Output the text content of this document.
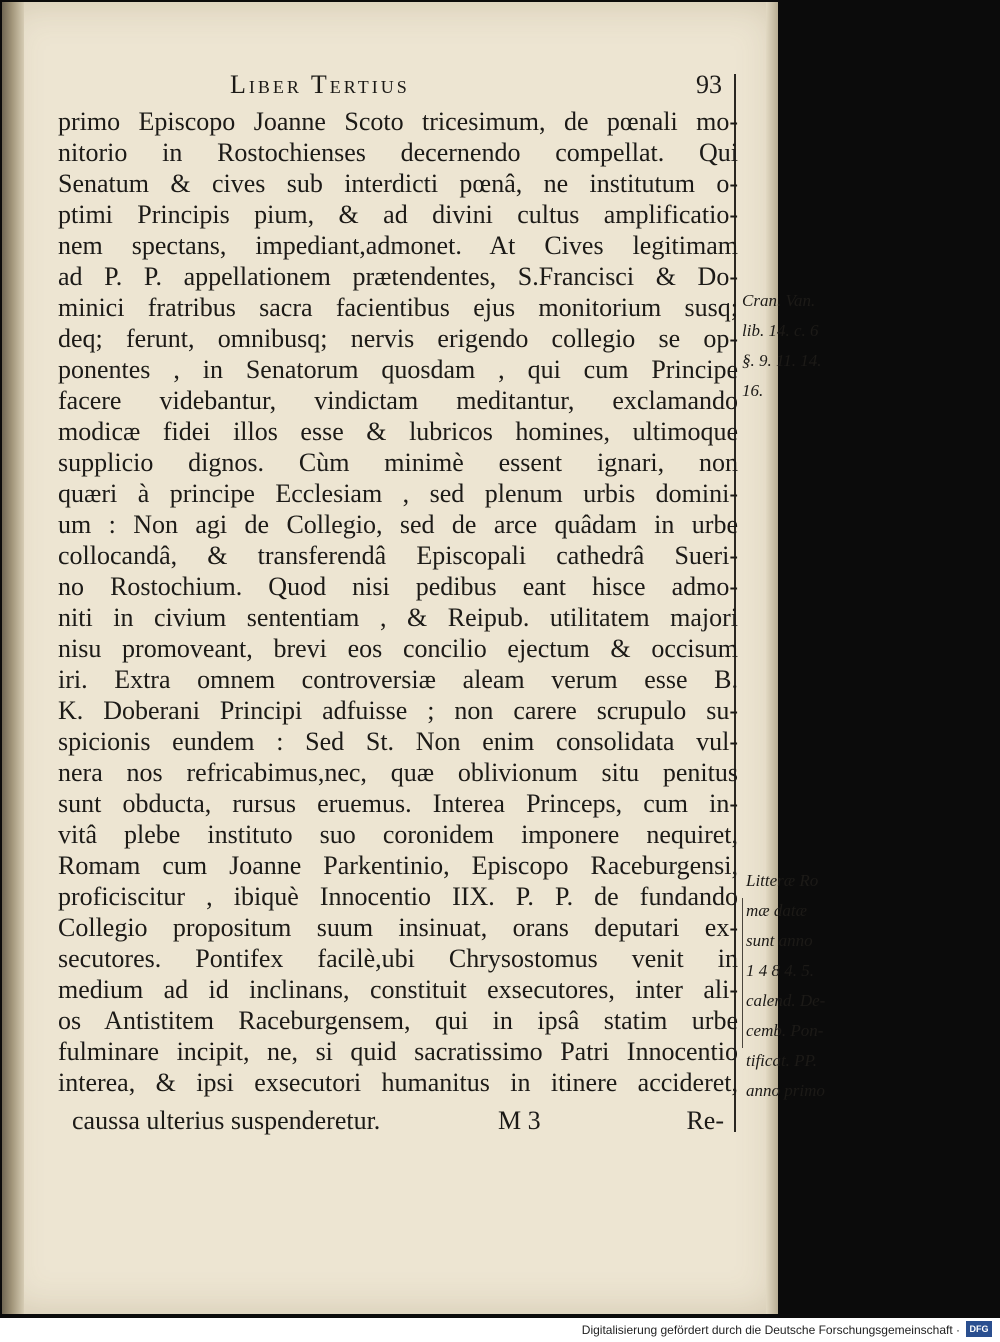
Liber Tertius	93
primo Episcopo Joanne Scoto tricesimum, de pœnali mo-
nitorio in Rostochienses decernendo compellat. Qui
Senatum & cives sub interdicti pœnâ, ne institutum o-
ptimi Principis pium, & ad divini cultus amplificatio-
nem spectans, impediant,admonet. At Cives legitimam
ad P. P. appellationem prætendentes, S.Francisci & Do-
minici fratribus sacra facientibus ejus monitorium susq;
deq; ferunt, omnibusq; nervis erigendo collegio se op-
ponentes , in Senatorum quosdam , qui cum Principe
facere videbantur, vindictam meditantur, exclamando
modicæ fidei illos esse & lubricos homines, ultimoque
supplicio dignos. Cùm minimè essent ignari, non
quæri à principe Ecclesiam , sed plenum urbis domini-
um : Non agi de Collegio, sed de arce quâdam in urbe
collocandâ, & transferendâ Episcopali cathedrâ Sueri-
no Rostochium. Quod nisi pedibus eant hisce admo-
niti in civium sententiam , & Reipub. utilitatem majori
nisu promoveant, brevi eos concilio ejectum & occisum
iri. Extra omnem controversiæ aleam verum esse B.
K. Doberani Principi adfuisse ; non carere scrupulo su-
spicionis eundem : Sed St. Non enim consolidata vul-
nera nos refricabimus,nec, quæ oblivionum situ penitus
sunt obducta, rursus eruemus. Interea Princeps, cum in-
vitâ plebe instituto suo coronidem imponere nequiret,
Romam cum Joanne Parkentinio, Episcopo Raceburgensi,
proficiscitur , ibiquè Innocentio IIX. P. P. de fundando
Collegio propositum suum insinuat, orans deputari ex-
secutores. Pontifex facilè,ubi Chrysostomus venit in
medium ad id inclinans, constituit exsecutores, inter ali-
os Antistitem Raceburgensem, qui in ipsâ statim urbe
fulminare incipit, ne, si quid sacratissimo Patri Innocentio
interea, & ipsi exsecutori humanitus in itinere accideret,
caussa ulterius suspenderetur.	M 3	Re-
Cran. Van.
lib. 14. c. 6
§. 9. 11. 14.
16.
Litteræ Ro
mæ datæ
sunt anno
1 4 8 4. 5.
calend. De-
cemb. Pon-
tificat. PP.
anno primo
Digitalisierung gefördert durch die Deutsche Forschungsgemeinschaft ·	DFG
